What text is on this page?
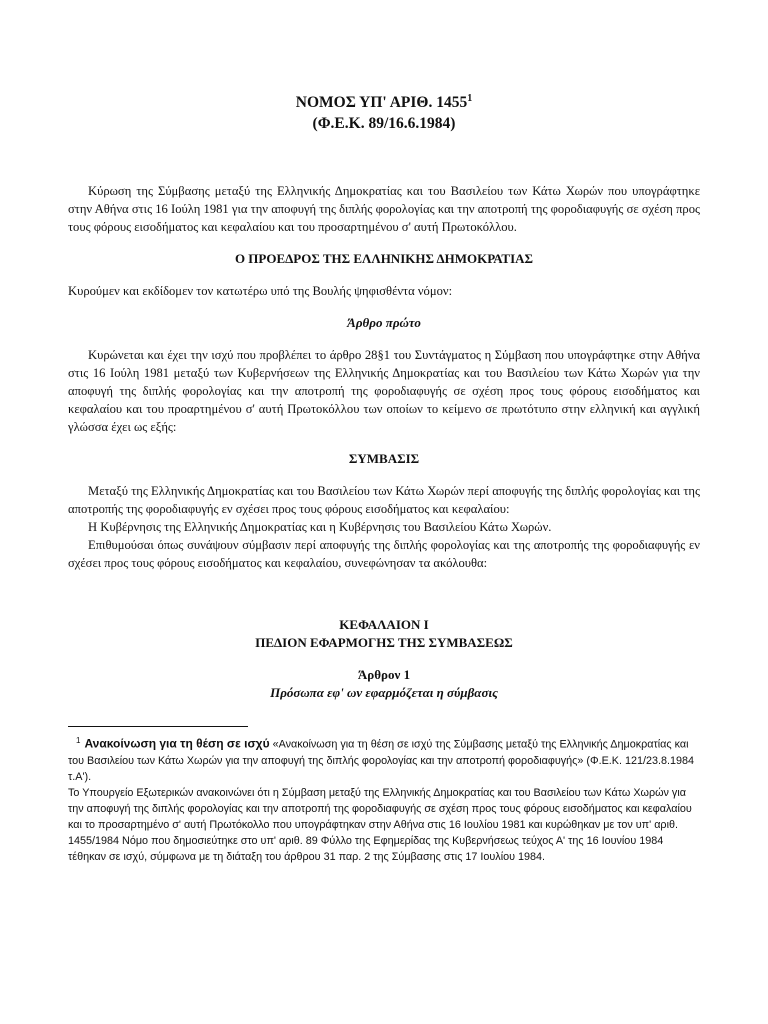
ΝΟΜΟΣ ΥΠ' ΑΡΙΘ. 1455$^1$
(Φ.Ε.Κ. 89/16.6.1984)

Κύρωση της Σύμβασης μεταξύ της Ελληνικής Δημοκρατίας και του Βασιλείου των Κάτω Χωρών που υπογράφτηκε στην Αθήνα στις 16 Ιούλη 1981 για την αποφυγή της διπλής φορολογίας και την αποτροπή της φοροδιαφυγής σε σχέση προς τους φόρους εισοδήματος και κεφαλαίου και του προσαρτημένου σ' αυτή Πρωτοκόλλου.

Ο ΠΡΟΕΔΡΟΣ ΤΗΣ ΕΛΛΗΝΙΚΗΣ ΔΗΜΟΚΡΑΤΙΑΣ

Κυρούμεν και εκδίδομεν τον κατωτέρω υπό της Βουλής ψηφισθέντα νόμον:

Άρθρο πρώτο

Κυρώνεται και έχει την ισχύ που προβλέπει το άρθρο 28§1 του Συντάγματος η Σύμβαση που υπογράφτηκε στην Αθήνα στις 16 Ιούλη 1981 μεταξύ των Κυβερνήσεων της Ελληνικής Δημοκρατίας και του Βασιλείου των Κάτω Χωρών για την αποφυγή της διπλής φορολογίας και την αποτροπή της φοροδιαφυγής σε σχέση προς τους φόρους εισοδήματος και κεφαλαίου και του προαρτημένου σ' αυτή Πρωτοκόλλου των οποίων το κείμενο σε πρωτότυπο στην ελληνική και αγγλική γλώσσα έχει ως εξής:

ΣΥΜΒΑΣΙΣ

Μεταξύ της Ελληνικής Δημοκρατίας και του Βασιλείου των Κάτω Χωρών περί αποφυγής της διπλής φορολογίας και της αποτροπής της φοροδιαφυγής εν σχέσει προς τους φόρους εισοδήματος και κεφαλαίου:

Η Κυβέρνησις της Ελληνικής Δημοκρατίας και η Κυβέρνησις του Βασιλείου Κάτω Χωρών.

Επιθυμούσαι όπως συνάψουν σύμβασιν περί αποφυγής της διπλής φορολογίας και της αποτροπής της φοροδιαφυγής εν σχέσει προς τους φόρους εισοδήματος και κεφαλαίου, συνεφώνησαν τα ακόλουθα:

ΚΕΦΑΛΑΙΟΝ Ι

ΠΕΔΙΟΝ ΕΦΑΡΜΟΓΗΣ ΤΗΣ ΣΥΜΒΑΣΕΩΣ

Άρθρον 1

Πρόσωπα εφ' ων εφαρμόζεται η σύμβασις

$^1$ Ανακοίνωση για τη θέση σε ισχύ «Ανακοίνωση για τη θέση σε ισχύ της Σύμβασης μεταξύ της Ελληνικής Δημοκρατίας και του Βασιλείου των Κάτω Χωρών για την αποφυγή της διπλής φορολογίας και την αποτροπή φοροδιαφυγής» (Φ.Ε.Κ. 121/23.8.1984 τ.Α').

Το Υπουργείο Εξωτερικών ανακοινώνει ότι η Σύμβαση μεταξύ της Ελληνικής Δημοκρατίας και του Βασιλείου των Κάτω Χωρών για την αποφυγή της διπλής φορολογίας και την αποτροπή της φοροδιαφυγής σε σχέση προς τους φόρους εισοδήματος και κεφαλαίου και το προσαρτημένο σ' αυτή Πρωτόκολλο που υπογράφτηκαν στην Αθήνα στις 16 Ιουλίου 1981 και κυρώθηκαν με τον υπ' αριθ. 1455/1984 Νόμο που δημοσιεύτηκε στο υπ' αριθ. 89 Φύλλο της Εφημερίδας της Κυβερνήσεως τεύχος Α' της 16 Ιουνίου 1984 τέθηκαν σε ισχύ, σύμφωνα με τη διάταξη του άρθρου 31 παρ. 2 της Σύμβασης στις 17 Ιουλίου 1984.
